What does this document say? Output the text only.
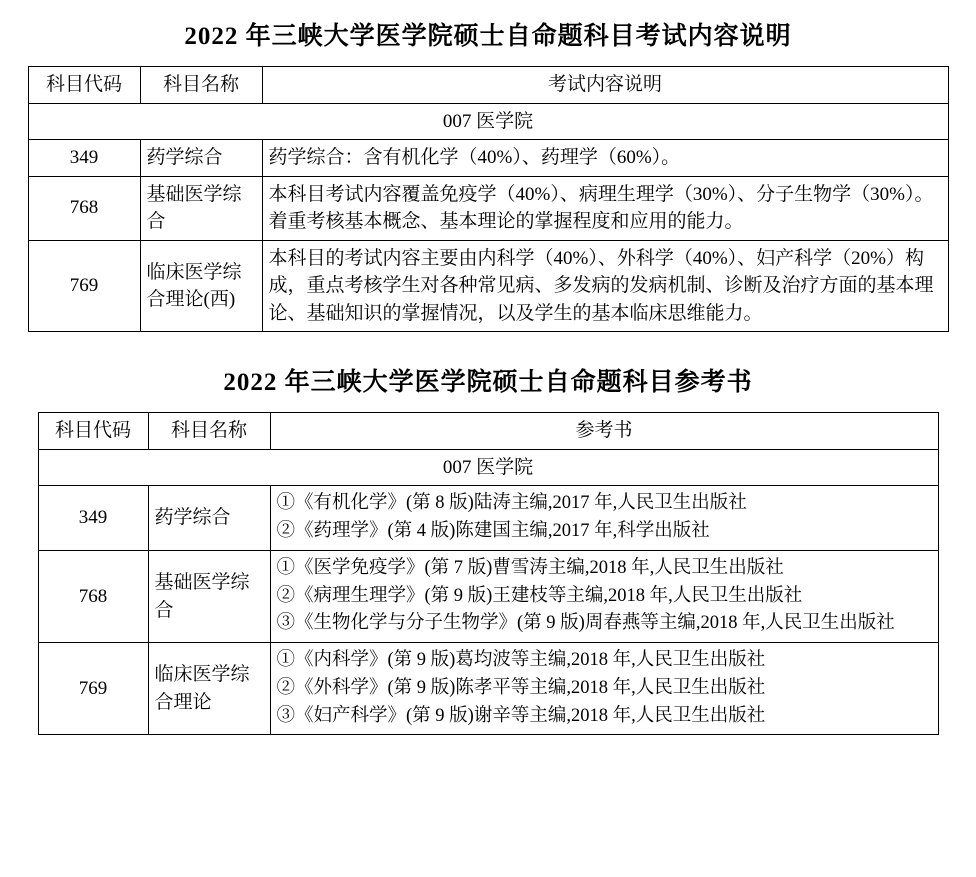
2022 年三峡大学医学院硕士自命题科目考试内容说明
科目代码	科目名称	考试内容说明
007 医学院		
349	药学综合	药学综合：含有机化学（40%）、药理学（60%）。
768	基础医学综合	本科目考试内容覆盖免疫学（40%）、病理生理学（30%）、分子生物学（30%）。着重考核基本概念、基本理论的掌握程度和应用的能力。
769	临床医学综合理论(西)	本科目的考试内容主要由内科学（40%）、外科学（40%）、妇产科学（20%）构成，重点考核学生对各种常见病、多发病的发病机制、诊断及治疗方面的基本理论、基础知识的掌握情况，以及学生的基本临床思维能力。
2022 年三峡大学医学院硕士自命题科目参考书
科目代码	科目名称	参考书
007 医学院		
349	药学综合	
①《有机化学》(第 8 版)陆涛主编,2017 年,人民卫生出版社
②《药理学》(第 4 版)陈建国主编,2017 年,科学出版社

768	基础医学综合	
①《医学免疫学》(第 7 版)曹雪涛主编,2018 年,人民卫生出版社
②《病理生理学》(第 9 版)王建枝等主编,2018 年,人民卫生出版社
③《生物化学与分子生物学》(第 9 版)周春燕等主编,2018 年,人民卫生出版社

769	临床医学综合理论	
①《内科学》(第 9 版)葛均波等主编,2018 年,人民卫生出版社
②《外科学》(第 9 版)陈孝平等主编,2018 年,人民卫生出版社
③《妇产科学》(第 9 版)谢辛等主编,2018 年,人民卫生出版社
